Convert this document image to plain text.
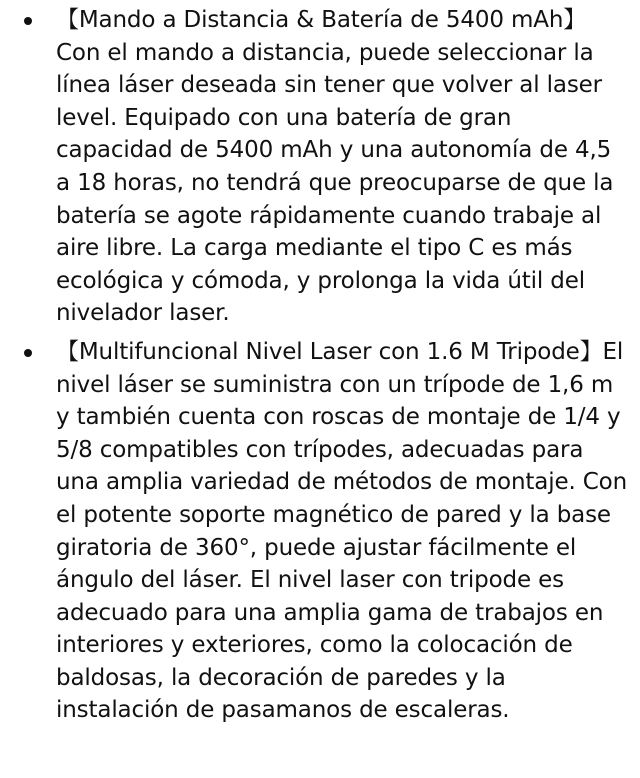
【Mando a Distancia & Batería de 5400 mAh】Con el mando a distancia, puede seleccionar la línea láser deseada sin tener que volver al laser level. Equipado con una batería de gran capacidad de 5400 mAh y una autonomía de 4,5 a 18 horas, no tendrá que preocuparse de que la batería se agote rápidamente cuando trabaje al aire libre. La carga mediante el tipo C es más ecológica y cómoda, y prolonga la vida útil del nivelador laser.
【Multifuncional Nivel Laser con 1.6 M Tripode】El nivel láser se suministra con un trípode de 1,6 m y también cuenta con roscas de montaje de 1/4 y 5/8 compatibles con trípodes, adecuadas para una amplia variedad de métodos de montaje. Con el potente soporte magnético de pared y la base giratoria de 360°, puede ajustar fácilmente el ángulo del láser. El nivel laser con tripode es adecuado para una amplia gama de trabajos en interiores y exteriores, como la colocación de baldosas, la decoración de paredes y la instalación de pasamanos de escaleras.
